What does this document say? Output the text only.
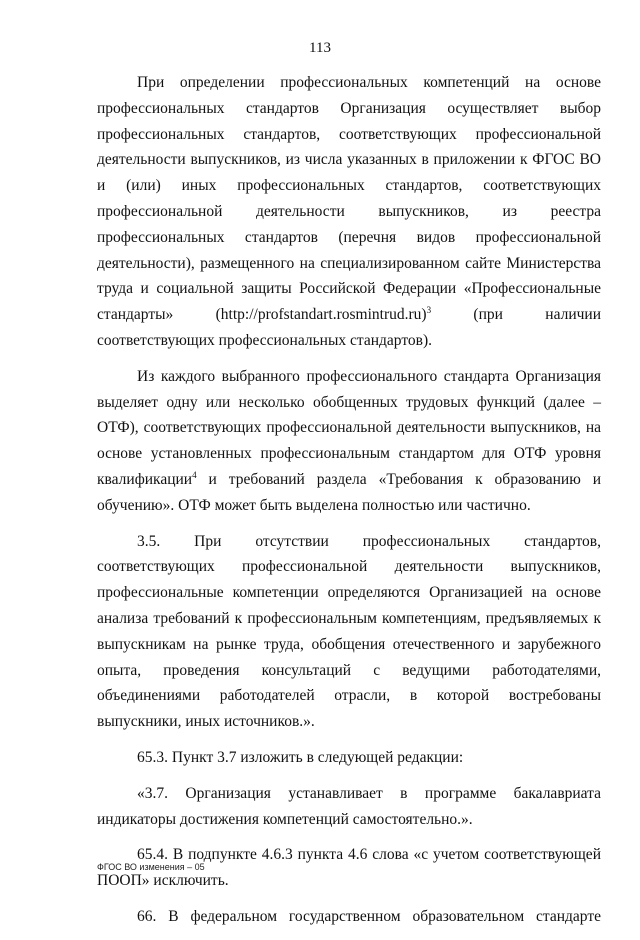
113

При определении профессиональных компетенций на основе профессиональных стандартов Организация осуществляет выбор профессиональных стандартов, соответствующих профессиональной деятельности выпускников, из числа указанных в приложении к ФГОС ВО и (или) иных профессиональных стандартов, соответствующих профессиональной деятельности выпускников, из реестра профессиональных стандартов (перечня видов профессиональной деятельности), размещенного на специализированном сайте Министерства труда и социальной защиты Российской Федерации «Профессиональные стандарты» (http://profstandart.rosmintrud.ru)$^3$ (при наличии соответствующих профессиональных стандартов).

Из каждого выбранного профессионального стандарта Организация выделяет одну или несколько обобщенных трудовых функций (далее – ОТФ), соответствующих профессиональной деятельности выпускников, на основе установленных профессиональным стандартом для ОТФ уровня квалификации$^4$ и требований раздела «Требования к образованию и обучению». ОТФ может быть выделена полностью или частично.

3.5. При отсутствии профессиональных стандартов, соответствующих профессиональной деятельности выпускников, профессиональные компетенции определяются Организацией на основе анализа требований к профессиональным компетенциям, предъявляемых к выпускникам на рынке труда, обобщения отечественного и зарубежного опыта, проведения консультаций с ведущими работодателями, объединениями работодателей отрасли, в которой востребованы выпускники, иных источников.».

65.3. Пункт 3.7 изложить в следующей редакции:

«3.7. Организация устанавливает в программе бакалавриата индикаторы достижения компетенций самостоятельно.».

65.4. В подпункте 4.6.3 пункта 4.6 слова «с учетом соответствующей ПООП» исключить.

66. В федеральном государственном образовательном стандарте

ФГОС ВО изменения – 05
